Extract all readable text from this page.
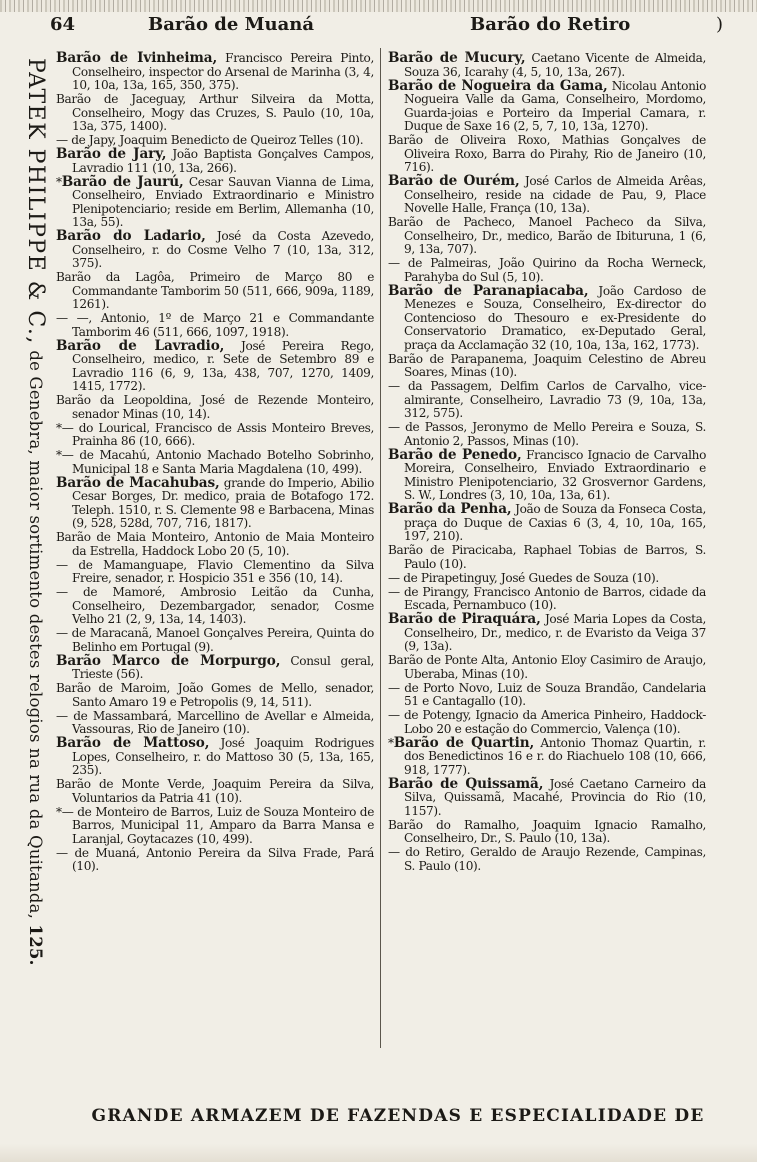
64	Barão de Muaná	Barão do Retiro	)
PATEK PHILIPPE & C., de Genebra, maior sortimento destes relogios na rua da Quitanda, 125.

Barão de Ivinheima, Francisco Pereira Pinto, Conselheiro, inspector do Arsenal de Marinha (3, 4, 10, 10a, 13a, 165, 350, 375).

Barão de Jaceguay, Arthur Silveira da Motta, Conselheiro, Mogy das Cruzes, S. Paulo (10, 10a, 13a, 375, 1400).

— de Japy, Joaquim Benedicto de Queiroz Telles (10).

Barão de Jary, João Baptista Gonçalves Campos, Lavradio 111 (10, 13a, 266).

*Barão de Jaurú, Cesar Sauvan Vianna de Lima, Conselheiro, Enviado Extraordinario e Ministro Plenipotenciario; reside em Berlim, Allemanha (10, 13a, 55).

Barão do Ladario, José da Costa Azevedo, Conselheiro, r. do Cosme Velho 7 (10, 13a, 312, 375).

Barão da Lagôa, Primeiro de Março 80 e Commandante Tamborim 50 (511, 666, 909a, 1189, 1261).

— —, Antonio, 1º de Março 21 e Commandante Tamborim 46 (511, 666, 1097, 1918).

Barão de Lavradio, José Pereira Rego, Conselheiro, medico, r. Sete de Setembro 89 e Lavradio 116 (6, 9, 13a, 438, 707, 1270, 1409, 1415, 1772).

Barão da Leopoldina, José de Rezende Monteiro, senador Minas (10, 14).

*— do Lourical, Francisco de Assis Monteiro Breves, Prainha 86 (10, 666).

*— de Macahú, Antonio Machado Botelho Sobrinho, Municipal 18 e Santa Maria Magdalena (10, 499).

Barão de Macahubas, grande do Imperio, Abilio Cesar Borges, Dr. medico, praia de Botafogo 172. Teleph. 1510, r. S. Clemente 98 e Barbacena, Minas (9, 528, 528d, 707, 716, 1817).

Barão de Maia Monteiro, Antonio de Maia Monteiro da Estrella, Haddock Lobo 20 (5, 10).

— de Mamanguape, Flavio Clementino da Silva Freire, senador, r. Hospicio 351 e 356 (10, 14).

— de Mamoré, Ambrosio Leitão da Cunha, Conselheiro, Dezembargador, senador, Cosme Velho 21 (2, 9, 13a, 14, 1403).

— de Maracanã, Manoel Gonçalves Pereira, Quinta do Belinho em Portugal (9).

Barão Marco de Morpurgo, Consul geral, Trieste (56).

Barão de Maroim, João Gomes de Mello, senador, Santo Amaro 19 e Petropolis (9, 14, 511).

— de Massambará, Marcellino de Avellar e Almeida, Vassouras, Rio de Janeiro (10).

Barão de Mattoso, José Joaquim Rodrigues Lopes, Conselheiro, r. do Mattoso 30 (5, 13a, 165, 235).

Barão de Monte Verde, Joaquim Pereira da Silva, Voluntarios da Patria 41 (10).

*— de Monteiro de Barros, Luiz de Souza Monteiro de Barros, Municipal 11, Amparo da Barra Mansa e Laranjal, Goytacazes (10, 499).

— de Muaná, Antonio Pereira da Silva Frade, Pará (10).

Barão de Mucury, Caetano Vicente de Almeida, Souza 36, Icarahy (4, 5, 10, 13a, 267).

Barão de Nogueira da Gama, Nicolau Antonio Nogueira Valle da Gama, Conselheiro, Mordomo, Guarda-joias e Porteiro da Imperial Camara, r. Duque de Saxe 16 (2, 5, 7, 10, 13a, 1270).

Barão de Oliveira Roxo, Mathias Gonçalves de Oliveira Roxo, Barra do Pirahy, Rio de Janeiro (10, 716).

Barão de Ourém, José Carlos de Almeida Arêas, Conselheiro, reside na cidade de Pau, 9, Place Novelle Halle, França (10, 13a).

Barão de Pacheco, Manoel Pacheco da Silva, Conselheiro, Dr., medico, Barão de Ibituruna, 1 (6, 9, 13a, 707).

— de Palmeiras, João Quirino da Rocha Werneck, Parahyba do Sul (5, 10).

Barão de Paranapiacaba, João Cardoso de Menezes e Souza, Conselheiro, Ex-director do Contencioso do Thesouro e ex-Presidente do Conservatorio Dramatico, ex-Deputado Geral, praça da Acclamação 32 (10, 10a, 13a, 162, 1773).

Barão de Parapanema, Joaquim Celestino de Abreu Soares, Minas (10).

— da Passagem, Delfim Carlos de Carvalho, vice-almirante, Conselheiro, Lavradio 73 (9, 10a, 13a, 312, 575).

— de Passos, Jeronymo de Mello Pereira e Souza, S. Antonio 2, Passos, Minas (10).

Barão de Penedo, Francisco Ignacio de Carvalho Moreira, Conselheiro, Enviado Extraordinario e Ministro Plenipotenciario, 32 Grosvernor Gardens, S. W., Londres (3, 10, 10a, 13a, 61).

Barão da Penha, João de Souza da Fonseca Costa, praça do Duque de Caxias 6 (3, 4, 10, 10a, 165, 197, 210).

Barão de Piracicaba, Raphael Tobias de Barros, S. Paulo (10).

— de Pirapetinguy, José Guedes de Souza (10).

— de Pirangy, Francisco Antonio de Barros, cidade da Escada, Pernambuco (10).

Barão de Piraquára, José Maria Lopes da Costa, Conselheiro, Dr., medico, r. de Evaristo da Veiga 37 (9, 13a).

Barão de Ponte Alta, Antonio Eloy Casimiro de Araujo, Uberaba, Minas (10).

— de Porto Novo, Luiz de Souza Brandão, Candelaria 51 e Cantagallo (10).

— de Potengy, Ignacio da America Pinheiro, Haddock-Lobo 20 e estação do Commercio, Valença (10).

*Barão de Quartin, Antonio Thomaz Quartin, r. dos Benedictinos 16 e r. do Riachuelo 108 (10, 666, 918, 1777).

Barão de Quissamã, José Caetano Carneiro da Silva, Quissamã, Macahé, Provincia do Rio (10, 1157).

Barão do Ramalho, Joaquim Ignacio Ramalho, Conselheiro, Dr., S. Paulo (10, 13a).

— do Retiro, Geraldo de Araujo Rezende, Campinas, S. Paulo (10).

GRANDE ARMAZEM DE FAZENDAS E ESPECIALIDADE DE
